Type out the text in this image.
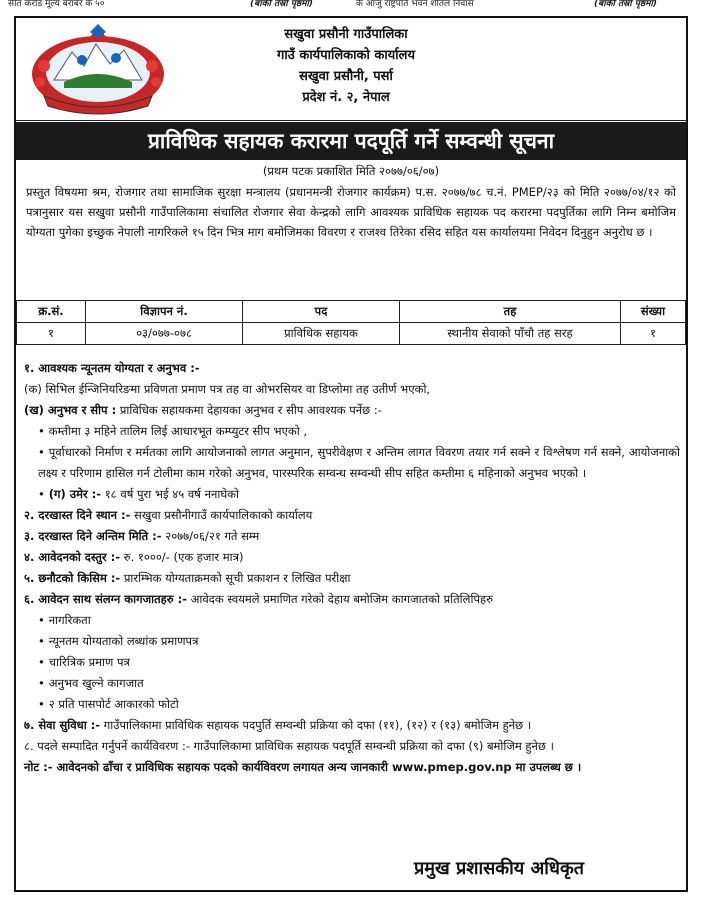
सीत करोड मूल्य बराबर के ५०	(बाँकी तेस्रो पृष्ठमा)	के आजु राष्ट्रपति भवन शीतल निवास	(बाँकी तेस्रो पृष्ठमा)
सखुवा प्रसौनी गाउँपालिका
गाउँ कार्यपालिकाको कार्यालय
सखुवा प्रसौनी, पर्सा
प्रदेश नं. २, नेपाल
प्राविधिक सहायक करारमा पदपूर्ति गर्ने सम्वन्धी सूचना
(प्रथम पटक प्रकाशित मिति २०७७/०६/०७)
प्रस्तुत विषयमा श्रम, रोजगार तथा सामाजिक सुरक्षा मन्त्रालय (प्रधानमन्त्री रोजगार कार्यक्रम) प.स. २०७७/७८ च.नं. PMEP/२३ को मिति २०७७/०४/१२ को पत्रानुसार यस सखुवा प्रसौनी गाउँपालिकामा संचालित रोजगार सेवा केन्द्रको लागि आवश्यक प्राविधिक सहायक पद करारमा पदपुर्तिका लागि निम्न बमोजिम योग्यता पुगेका इच्छुक नेपाली नागरिकले १५ दिन भित्र माग बमोजिमका विवरण र राजश्व तिरेका रसिद सहित यस कार्यालयमा निवेदन दिनुहुन अनुरोध छ ।
क्र.सं.	विज्ञापन नं.	पद	तह	संख्या
१	०३/०७७-०७८	प्राविधिक सहायक	स्थानीय सेवाको पाँचौ तह सरह	१
१. आवश्यक न्यूनतम योग्यता र अनुभव :-
(क) सिभिल ईन्जिनियरिङमा प्रविणता प्रमाण पत्र तह वा ओभरसियर वा डिप्लोमा तह उतीर्ण भएको,
(ख) अनुभव र सीप : प्राविधिक सहायकमा देहायका अनुभव र सीप आवश्यक पर्नेछ :-
• कम्तीमा ३ महिने तालिम लिई आधारभूत कम्प्युटर सीप भएको ,
• पूर्वाधारको निर्माण र मर्मतका लागि आयोजनाको लागत अनुमान, सुपरीवेक्षण र अन्तिम लागत विवरण तयार गर्न सक्ने र विश्लेषण गर्न सक्ने, आयोजनाको लक्ष्य र परिणाम हासिल गर्न टोलीमा काम गरेको अनुभव, पारस्परिक सम्वन्ध सम्वन्धी सीप सहित कम्तीमा ६ महिनाको अनुभव भएको ।
• (ग) उमेर :- १८ वर्ष पुरा भई ४५ वर्ष ननाघेको
२. दरखास्त दिने स्थान :- सखुवा प्रसौनीगाउँ कार्यपालिकाको कार्यालय
३. दरखास्त दिने अन्तिम मिति :- २०७७/०६/२१ गते सम्म
४. आवेदनको दस्तुर :- रु. १०००/- (एक हजार मात्र)
५. छनौटको किसिम :- प्रारम्भिक योग्यताक्रमको सूची प्रकाशन र लिखित परीक्षा
६. आवेदन साथ संलग्न कागजातहरु :- आवेदक स्वयमले प्रमाणित गरेको देहाय बमोजिम कागजातको प्रतिलिपिहरु
• नागरिकता
• न्यूनतम योग्यताको लब्धांक प्रमाणपत्र
• चारित्रिक प्रमाण पत्र
• अनुभव खुल्ने कागजात
• २ प्रति पासपोर्ट आकारको फोटो
७. सेवा सुविधा :- गाउँपालिकामा प्राविधिक सहायक पदपुर्ति सम्वन्धी प्रक्रिया को दफा (११), (१२) र (१३) बमोजिम हुनेछ ।
८. पदले सम्पादित गर्नुपर्ने कार्यविवरण :- गाउँपालिकामा प्राविधिक सहायक पदपूर्ति सम्वन्धी प्रक्रिया को दफा (९) बमोजिम हुनेछ ।
नोट :- आवेदनको ढाँचा र प्राविधिक सहायक पदको कार्यविवरण लगायत अन्य जानकारी www.pmep.gov.np मा उपलब्ध छ ।
प्रमुख प्रशासकीय अधिकृत
